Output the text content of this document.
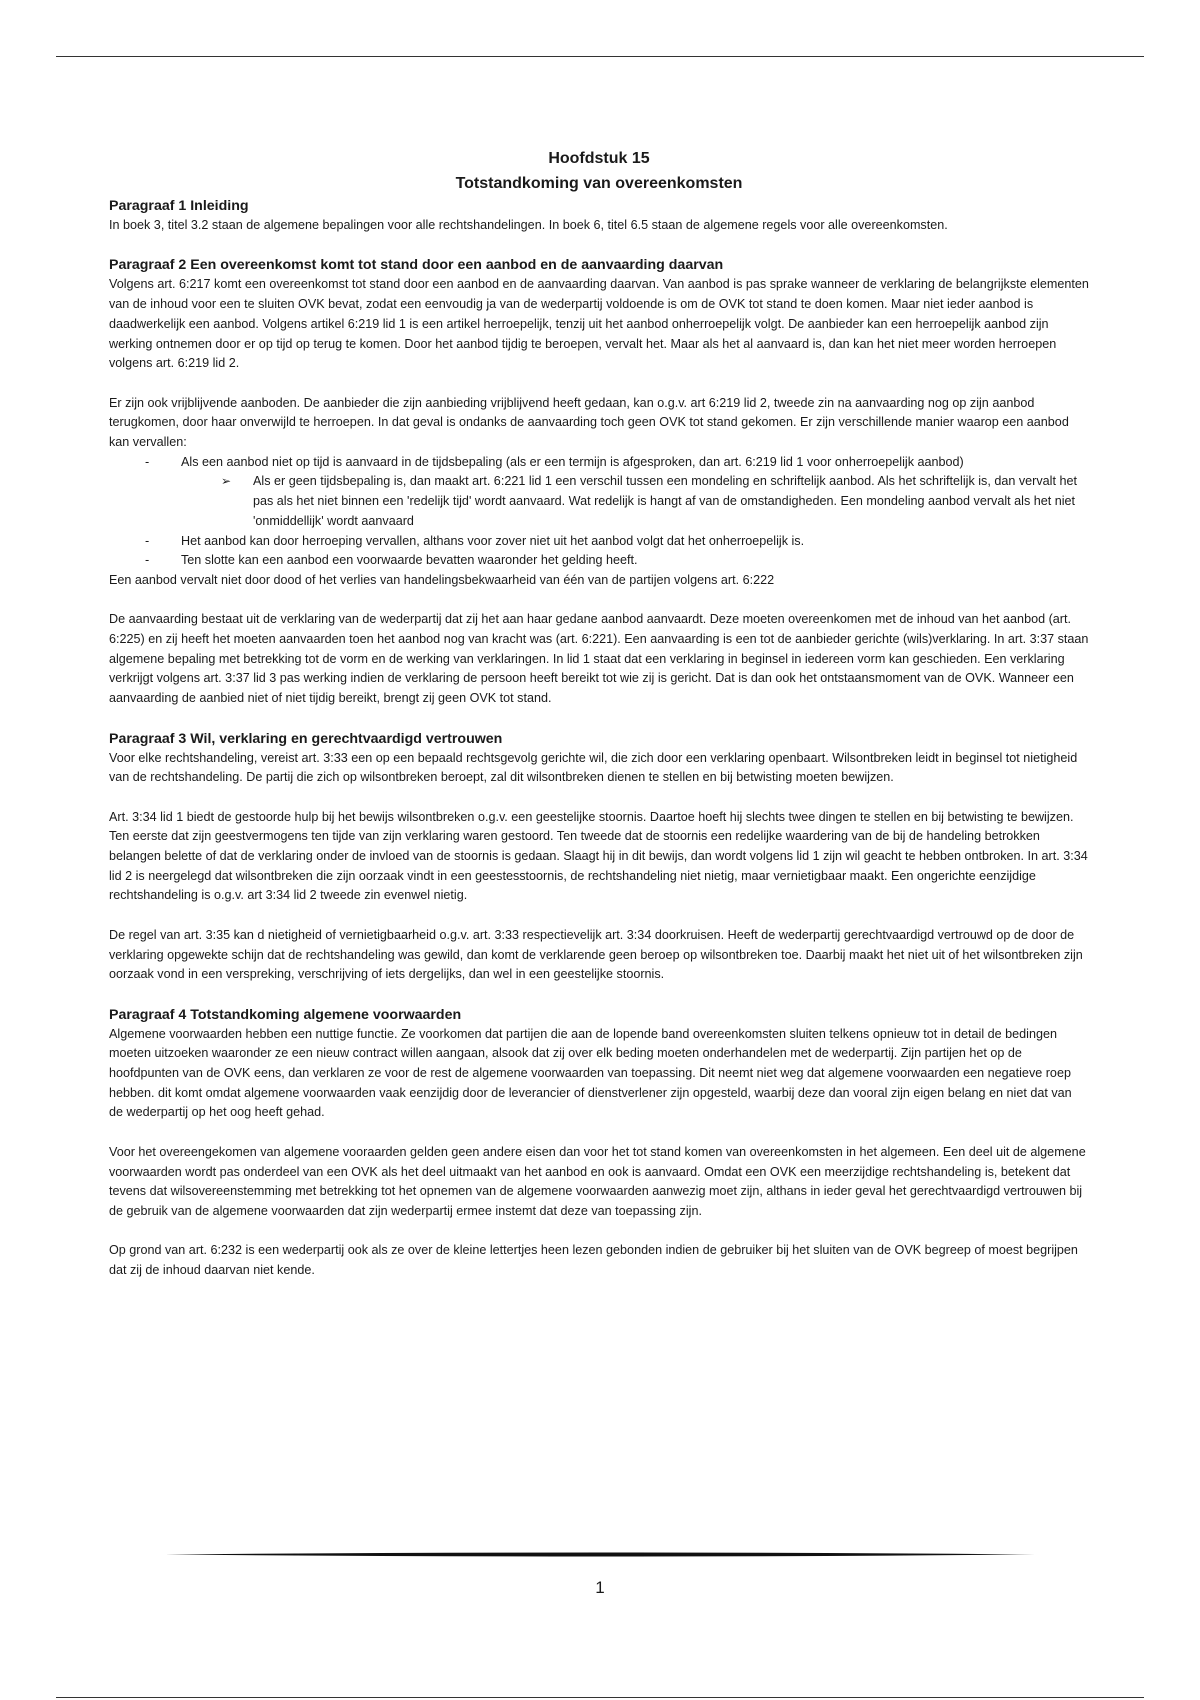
Hoofdstuk 15

Totstandkoming van overeenkomsten

Paragraaf 1 Inleiding

In boek 3, titel 3.2 staan de algemene bepalingen voor alle rechtshandelingen. In boek 6, titel 6.5 staan de algemene regels voor alle overeenkomsten.

Paragraaf 2 Een overeenkomst komt tot stand door een aanbod en de aanvaarding daarvan

Volgens art. 6:217 komt een overeenkomst tot stand door een aanbod en de aanvaarding daarvan. Van aanbod is pas sprake wanneer de verklaring de belangrijkste elementen van de inhoud voor een te sluiten OVK bevat, zodat een eenvoudig ja van de wederpartij voldoende is om de OVK tot stand te doen komen. Maar niet ieder aanbod is daadwerkelijk een aanbod. Volgens artikel 6:219 lid 1 is een artikel herroepelijk, tenzij uit het aanbod onherroepelijk volgt. De aanbieder kan een herroepelijk aanbod zijn werking ontnemen door er op tijd op terug te komen. Door het aanbod tijdig te beroepen, vervalt het. Maar als het al aanvaard is, dan kan het niet meer worden herroepen volgens art. 6:219 lid 2.

Er zijn ook vrijblijvende aanboden. De aanbieder die zijn aanbieding vrijblijvend heeft gedaan, kan o.g.v. art 6:219 lid 2, tweede zin na aanvaarding nog op zijn aanbod terugkomen, door haar onverwijld te herroepen. In dat geval is ondanks de aanvaarding toch geen OVK tot stand gekomen. Er zijn verschillende manier waarop een aanbod kan vervallen:

-	Als een aanbod niet op tijd is aanvaard in de tijdsbepaling (als er een termijn is afgesproken, dan art. 6:219 lid 1 voor onherroepelijk aanbod)
➢ Als er geen tijdsbepaling is, dan maakt art. 6:221 lid 1 een verschil tussen een mondeling en schriftelijk aanbod. Als het schriftelijk is, dan vervalt het pas als het niet binnen een 'redelijk tijd' wordt aanvaard. Wat redelijk is hangt af van de omstandigheden. Een mondeling aanbod vervalt als het niet 'onmiddellijk' wordt aanvaard
-	Het aanbod kan door herroeping vervallen, althans voor zover niet uit het aanbod volgt dat het onherroepelijk is.
-	Ten slotte kan een aanbod een voorwaarde bevatten waaronder het gelding heeft.

Een aanbod vervalt niet door dood of het verlies van handelingsbekwaarheid van één van de partijen volgens art. 6:222

De aanvaarding bestaat uit de verklaring van de wederpartij dat zij het aan haar gedane aanbod aanvaardt. Deze moeten overeenkomen met de inhoud van het aanbod (art. 6:225) en zij heeft het moeten aanvaarden toen het aanbod nog van kracht was (art. 6:221). Een aanvaarding is een tot de aanbieder gerichte (wils)verklaring. In art. 3:37 staan algemene bepaling met betrekking tot de vorm en de werking van verklaringen. In lid 1 staat dat een verklaring in beginsel in iedereen vorm kan geschieden. Een verklaring verkrijgt volgens art. 3:37 lid 3 pas werking indien de verklaring de persoon heeft bereikt tot wie zij is gericht. Dat is dan ook het ontstaansmoment van de OVK. Wanneer een aanvaarding de aanbied niet of niet tijdig bereikt, brengt zij geen OVK tot stand.

Paragraaf 3 Wil, verklaring en gerechtvaardigd vertrouwen

Voor elke rechtshandeling, vereist art. 3:33 een op een bepaald rechtsgevolg gerichte wil, die zich door een verklaring openbaart. Wilsontbreken leidt in beginsel tot nietigheid van de rechtshandeling. De partij die zich op wilsontbreken beroept, zal dit wilsontbreken dienen te stellen en bij betwisting moeten bewijzen.

Art. 3:34 lid 1 biedt de gestoorde hulp bij het bewijs wilsontbreken o.g.v. een geestelijke stoornis. Daartoe hoeft hij slechts twee dingen te stellen en bij betwisting te bewijzen. Ten eerste dat zijn geestvermogens ten tijde van zijn verklaring waren gestoord. Ten tweede dat de stoornis een redelijke waardering van de bij de handeling betrokken belangen belette of dat de verklaring onder de invloed van de stoornis is gedaan. Slaagt hij in dit bewijs, dan wordt volgens lid 1 zijn wil geacht te hebben ontbroken. In art. 3:34 lid 2 is neergelegd dat wilsontbreken die zijn oorzaak vindt in een geestesstoornis, de rechtshandeling niet nietig, maar vernietigbaar maakt. Een ongerichte eenzijdige rechtshandeling is o.g.v. art 3:34 lid 2 tweede zin evenwel nietig.

De regel van art. 3:35 kan d nietigheid of vernietigbaarheid o.g.v. art. 3:33 respectievelijk art. 3:34 doorkruisen. Heeft de wederpartij gerechtvaardigd vertrouwd op de door de verklaring opgewekte schijn dat de rechtshandeling was gewild, dan komt de verklarende geen beroep op wilsontbreken toe. Daarbij maakt het niet uit of het wilsontbreken zijn oorzaak vond in een verspreking, verschrijving of iets dergelijks, dan wel in een geestelijke stoornis.

Paragraaf 4 Totstandkoming algemene voorwaarden

Algemene voorwaarden hebben een nuttige functie. Ze voorkomen dat partijen die aan de lopende band overeenkomsten sluiten telkens opnieuw tot in detail de bedingen moeten uitzoeken waaronder ze een nieuw contract willen aangaan, alsook dat zij over elk beding moeten onderhandelen met de wederpartij. Zijn partijen het op de hoofdpunten van de OVK eens, dan verklaren ze voor de rest de algemene voorwaarden van toepassing. Dit neemt niet weg dat algemene voorwaarden een negatieve roep hebben. dit komt omdat algemene voorwaarden vaak eenzijdig door de leverancier of dienstverlener zijn opgesteld, waarbij deze dan vooral zijn eigen belang en niet dat van de wederpartij op het oog heeft gehad.

Voor het overeengekomen van algemene vooraarden gelden geen andere eisen dan voor het tot stand komen van overeenkomsten in het algemeen. Een deel uit de algemene voorwaarden wordt pas onderdeel van een OVK als het deel uitmaakt van het aanbod en ook is aanvaard. Omdat een OVK een meerzijdige rechtshandeling is, betekent dat tevens dat wilsovereenstemming met betrekking tot het opnemen van de algemene voorwaarden aanwezig moet zijn, althans in ieder geval het gerechtvaardigd vertrouwen bij de gebruik van de algemene voorwaarden dat zijn wederpartij ermee instemt dat deze van toepassing zijn.

Op grond van art. 6:232 is een wederpartij ook als ze over de kleine lettertjes heen lezen gebonden indien de gebruiker bij het sluiten van de OVK begreep of moest begrijpen dat zij de inhoud daarvan niet kende.

1
